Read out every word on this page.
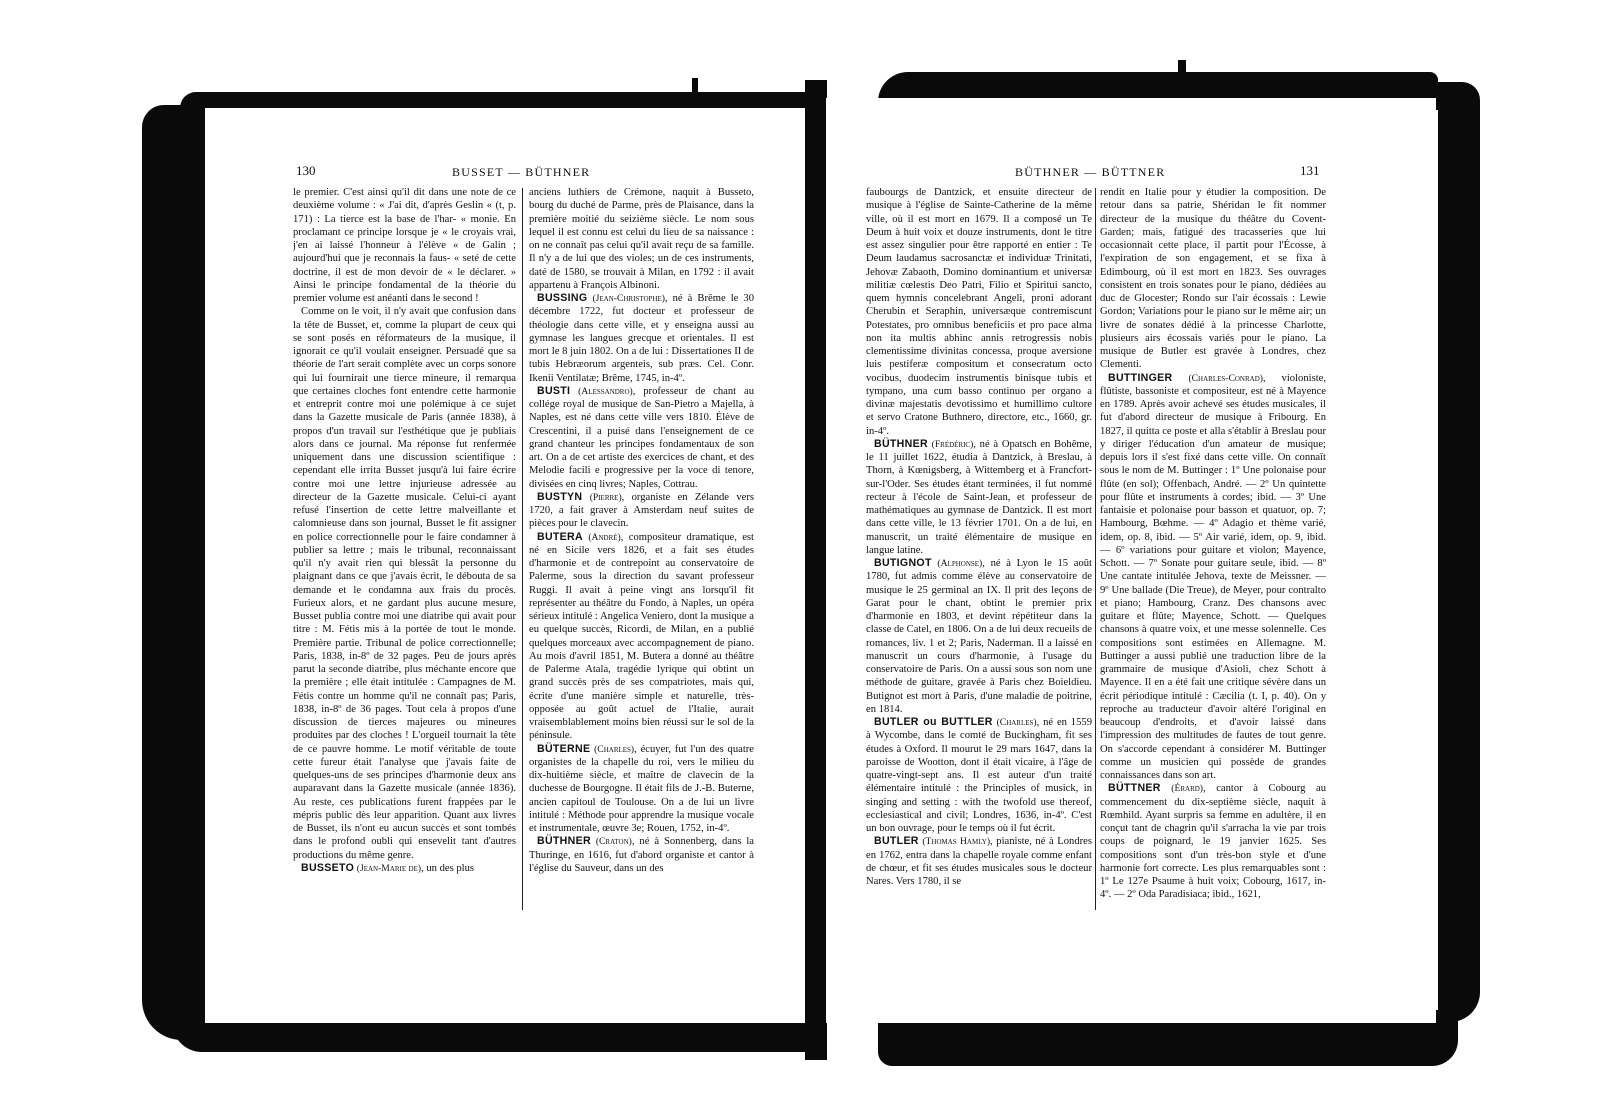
130	BUSSET — BÜTHNER	BÜTHNER — BÜTTNER	131

le premier. C'est ainsi qu'il dit dans une note de ce deuxième volume : « J'ai dit, d'après Geslin « (t, p. 171) : La tierce est la base de l'har- « monie. En proclamant ce principe lorsque je « le croyais vrai, j'en ai laissé l'honneur à l'élève « de Galin ; aujourd'hui que je reconnais la faus- « seté de cette doctrine, il est de mon devoir de « le déclarer. » Ainsi le principe fondamental de la théorie du premier volume est anéanti dans le second !

Comme on le voit, il n'y avait que confusion dans la tête de Busset, et, comme la plupart de ceux qui se sont posés en réformateurs de la musique, il ignorait ce qu'il voulait enseigner. Persuadé que sa théorie de l'art serait complète avec un corps sonore qui lui fournirait une tierce mineure, il remarqua que certaines cloches font entendre cette harmonie et entreprit contre moi une polémique à ce sujet dans la Gazette musicale de Paris (année 1838), à propos d'un travail sur l'esthétique que je publiais alors dans ce journal. Ma réponse fut renfermée uniquement dans une discussion scientifique : cependant elle irrita Busset jusqu'à lui faire écrire contre moi une lettre injurieuse adressée au directeur de la Gazette musicale. Celui-ci ayant refusé l'insertion de cette lettre malveillante et calomnieuse dans son journal, Busset le fit assigner en police correctionnelle pour le faire condamner à publier sa lettre ; mais le tribunal, reconnaissant qu'il n'y avait rien qui blessât la personne du plaignant dans ce que j'avais écrit, le débouta de sa demande et le condamna aux frais du procès. Furieux alors, et ne gardant plus aucune mesure, Busset publia contre moi une diatribe qui avait pour titre : M. Fétis mis à la portée de tout le monde. Première partie. Tribunal de police correctionnelle; Paris, 1838, in-8º de 32 pages. Peu de jours après parut la seconde diatribe, plus méchante encore que la première ; elle était intitulée : Campagnes de M. Fétis contre un homme qu'il ne connaît pas; Paris, 1838, in-8º de 36 pages. Tout cela à propos d'une discussion de tierces majeures ou mineures produites par des cloches ! L'orgueil tournait la tête de ce pauvre homme. Le motif véritable de toute cette fureur était l'analyse que j'avais faite de quelques-uns de ses principes d'harmonie deux ans auparavant dans la Gazette musicale (année 1836). Au reste, ces publications furent frappées par le mépris public dès leur apparition. Quant aux livres de Busset, ils n'ont eu aucun succès et sont tombés dans le profond oubli qui ensevelit tant d'autres productions du même genre.

BUSSETO (Jean-Marie de), un des plus

anciens luthiers de Crémone, naquit à Busseto, bourg du duché de Parme, près de Plaisance, dans la première moitié du seizième siècle. Le nom sous lequel il est connu est celui du lieu de sa naissance : on ne connaît pas celui qu'il avait reçu de sa famille. Il n'y a de lui que des violes; un de ces instruments, daté de 1580, se trouvait à Milan, en 1792 : il avait appartenu à François Albinoni.

BUSSING (Jean-Christophe), né à Brême le 30 décembre 1722, fut docteur et professeur de théologie dans cette ville, et y enseigna aussi au gymnase les langues grecque et orientales. Il est mort le 8 juin 1802. On a de lui : Dissertationes II de tubis Hebræorum argenteis, sub præs. Cel. Conr. Ikenii Ventilatæ; Brême, 1745, in-4º.

BUSTI (Alessandro), professeur de chant au collége royal de musique de San-Pietro a Majella, à Naples, est né dans cette ville vers 1810. Élève de Crescentini, il a puisé dans l'enseignement de ce grand chanteur les principes fondamentaux de son art. On a de cet artiste des exercices de chant, et des Melodie facili e progressive per la voce di tenore, divisées en cinq livres; Naples, Cottrau.

BUSTYN (Pierre), organiste en Zélande vers 1720, a fait graver à Amsterdam neuf suites de pièces pour le clavecin.

BUTERA (André), compositeur dramatique, est né en Sicile vers 1826, et a fait ses études d'harmonie et de contrepoint au conservatoire de Palerme, sous la direction du savant professeur Ruggi. Il avait à peine vingt ans lorsqu'il fit représenter au théâtre du Fondo, à Naples, un opéra sérieux intitulé : Angelica Veniero, dont la musique a eu quelque succès, Ricordi, de Milan, en a publié quelques morceaux avec accompagnement de piano. Au mois d'avril 1851, M. Butera a donné au théâtre de Palerme Atala, tragédie lyrique qui obtint un grand succès près de ses compatriotes, mais qui, écrite d'une manière simple et naturelle, très-opposée au goût actuel de l'Italie, aurait vraisemblablement moins bien réussi sur le sol de la péninsule.

BÜTERNE (Charles), écuyer, fut l'un des quatre organistes de la chapelle du roi, vers le milieu du dix-huitième siècle, et maître de clavecin de la duchesse de Bourgogne. Il était fils de J.-B. Buterne, ancien capitoul de Toulouse. On a de lui un livre intitulé : Méthode pour apprendre la musique vocale et instrumentale, œuvre 3e; Rouen, 1752, in-4º.

BÜTHNER (Craton), né à Sonnenberg, dans la Thuringe, en 1616, fut d'abord organiste et cantor à l'église du Sauveur, dans un des

faubourgs de Dantzick, et ensuite directeur de musique à l'église de Sainte-Catherine de la même ville, où il est mort en 1679. Il a composé un Te Deum à huit voix et douze instruments, dont le titre est assez singulier pour être rapporté en entier : Te Deum laudamus sacrosanctæ et individuæ Trinitati, Jehovæ Zabaoth, Domino dominantium et universæ militiæ cœlestis Deo Patri, Filio et Spiritui sancto, quem hymnis concelebrant Angeli, proni adorant Cherubin et Seraphin, universæque contremiscunt Potestates, pro omnibus beneficiis et pro pace alma non ita multis abhinc annis retrogressis nobis clementissime divinitas concessa, proque aversione luis pestiferæ compositum et consecratum octo vocibus, duodecim instrumentis binisque tubis et tympano, una cum basso continuo per organo a divinæ majestatis devotissimo et humillimo cultore et servo Cratone Buthnero, directore, etc., 1660, gr. in-4º.

BÜTHNER (Frédéric), né à Opatsch en Bohême, le 11 juillet 1622, étudia à Dantzick, à Breslau, à Thorn, à Kœnigsberg, à Wittemberg et à Francfort-sur-l'Oder. Ses études étant terminées, il fut nommé recteur à l'école de Saint-Jean, et professeur de mathématiques au gymnase de Dantzick. Il est mort dans cette ville, le 13 février 1701. On a de lui, en manuscrit, un traité élémentaire de musique en langue latine.

BUTIGNOT (Alphonse), né à Lyon le 15 août 1780, fut admis comme élève au conservatoire de musique le 25 germinal an IX. Il prit des leçons de Garat pour le chant, obtint le premier prix d'harmonie en 1803, et devint répétiteur dans la classe de Catel, en 1806. On a de lui deux recueils de romances, liv. 1 et 2; Paris, Naderman. Il a laissé en manuscrit un cours d'harmonie, à l'usage du conservatoire de Paris. On a aussi sous son nom une méthode de guitare, gravée à Paris chez Boieldieu. Butignot est mort à Paris, d'une maladie de poitrine, en 1814.

BUTLER ou BUTTLER (Charles), né en 1559 à Wycombe, dans le comté de Buckingham, fit ses études à Oxford. Il mourut le 29 mars 1647, dans la paroisse de Wootton, dont il était vicaire, à l'âge de quatre-vingt-sept ans. Il est auteur d'un traité élémentaire intitulé : the Principles of musick, in singing and setting : with the twofold use thereof, ecclesiastical and civil; Londres, 1636, in-4º. C'est un bon ouvrage, pour le temps où il fut écrit.

BUTLER (Thomas Hamly), pianiste, né à Londres en 1762, entra dans la chapelle royale comme enfant de chœur, et fit ses études musicales sous le docteur Nares. Vers 1780, il se

rendit en Italie pour y étudier la composition. De retour dans sa patrie, Shéridan le fit nommer directeur de la musique du théâtre du Covent-Garden; mais, fatigué des tracasseries que lui occasionnait cette place, il partit pour l'Écosse, à l'expiration de son engagement, et se fixa à Edimbourg, où il est mort en 1823. Ses ouvrages consistent en trois sonates pour le piano, dédiées au duc de Glocester; Rondo sur l'air écossais : Lewie Gordon; Variations pour le piano sur le même air; un livre de sonates dédié à la princesse Charlotte, plusieurs airs écossais variés pour le piano. La musique de Butler est gravée à Londres, chez Clementi.

BUTTINGER (Charles-Conrad), violoniste, flûtiste, bassoniste et compositeur, est né à Mayence en 1789. Après avoir achevé ses études musicales, il fut d'abord directeur de musique à Fribourg. En 1827, il quitta ce poste et alla s'établir à Breslau pour y diriger l'éducation d'un amateur de musique; depuis lors il s'est fixé dans cette ville. On connaît sous le nom de M. Buttinger : 1º Une polonaise pour flûte (en sol); Offenbach, André. — 2º Un quintette pour flûte et instruments à cordes; ibid. — 3º Une fantaisie et polonaise pour basson et quatuor, op. 7; Hambourg, Bœhme. — 4º Adagio et thème varié, idem, op. 8, ibid. — 5º Air varié, idem, op. 9, ibid. — 6º variations pour guitare et violon; Mayence, Schott. — 7º Sonate pour guitare seule, ibid. — 8º Une cantate intitulée Jehova, texte de Meissner. — 9º Une ballade (Die Treue), de Meyer, pour contralto et piano; Hambourg, Cranz. Des chansons avec guitare et flûte; Mayence, Schott. — Quelques chansons à quatre voix, et une messe solennelle. Ces compositions sont estimées en Allemagne. M. Buttinger a aussi publié une traduction libre de la grammaire de musique d'Asioli, chez Schott à Mayence. Il en a été fait une critique sévère dans un écrit périodique intitulé : Cæcilia (t. I, p. 40). On y reproche au traducteur d'avoir altéré l'original en beaucoup d'endroits, et d'avoir laissé dans l'impression des multitudes de fautes de tout genre. On s'accorde cependant à considérer M. Buttinger comme un musicien qui possède de grandes connaissances dans son art.

BÜTTNER (Érard), cantor à Cobourg au commencement du dix-septième siècle, naquit à Rœmhild. Ayant surpris sa femme en adultère, il en conçut tant de chagrin qu'il s'arracha la vie par trois coups de poignard, le 19 janvier 1625. Ses compositions sont d'un très-bon style et d'une harmonie fort correcte. Les plus remarquables sont : 1º Le 127e Psaume à huit voix; Cobourg, 1617, in-4º. — 2º Oda Paradisiaca; ibid., 1621,
